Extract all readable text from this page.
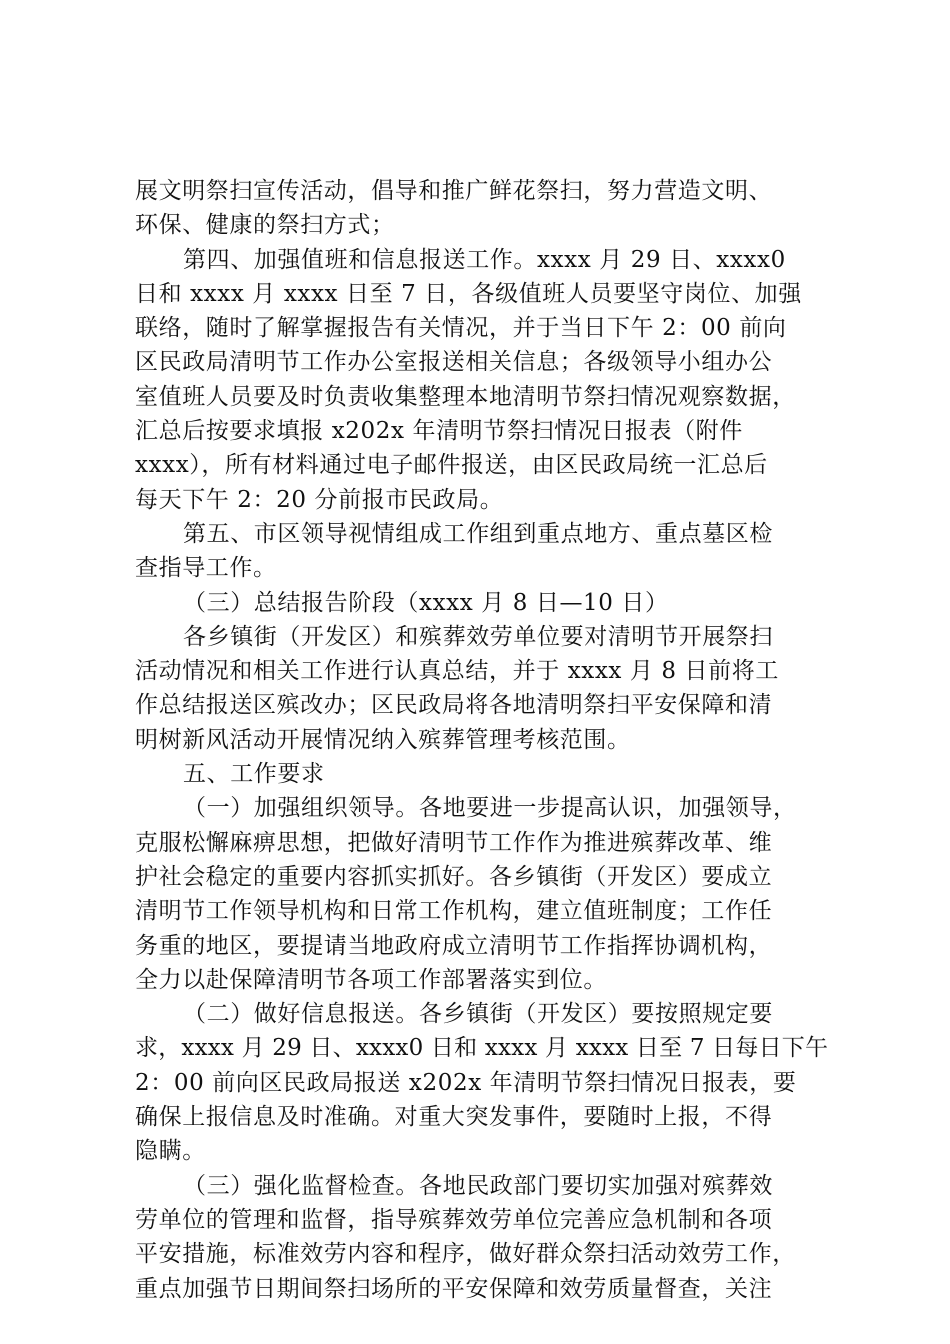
展文明祭扫宣传活动，倡导和推广鲜花祭扫，努力营造文明、
环保、健康的祭扫方式；
第四、加强值班和信息报送工作。xxxx 月 29 日、xxxx0
日和 xxxx 月 xxxx 日至 7 日，各级值班人员要坚守岗位、加强
联络，随时了解掌握报告有关情况，并于当日下午 2：00 前向
区民政局清明节工作办公室报送相关信息；各级领导小组办公
室值班人员要及时负责收集整理本地清明节祭扫情况观察数据，
汇总后按要求填报 x202x 年清明节祭扫情况日报表（附件
xxxx），所有材料通过电子邮件报送，由区民政局统一汇总后
每天下午 2：20 分前报市民政局。
第五、市区领导视情组成工作组到重点地方、重点墓区检
查指导工作。
（三）总结报告阶段（xxxx 月 8 日—10 日）
各乡镇街（开发区）和殡葬效劳单位要对清明节开展祭扫
活动情况和相关工作进行认真总结，并于 xxxx 月 8 日前将工
作总结报送区殡改办；区民政局将各地清明祭扫平安保障和清
明树新风活动开展情况纳入殡葬管理考核范围。
五、工作要求
（一）加强组织领导。各地要进一步提高认识，加强领导，
克服松懈麻痹思想，把做好清明节工作作为推进殡葬改革、维
护社会稳定的重要内容抓实抓好。各乡镇街（开发区）要成立
清明节工作领导机构和日常工作机构，建立值班制度；工作任
务重的地区，要提请当地政府成立清明节工作指挥协调机构，
全力以赴保障清明节各项工作部署落实到位。
（二）做好信息报送。各乡镇街（开发区）要按照规定要
求，xxxx 月 29 日、xxxx0 日和 xxxx 月 xxxx 日至 7 日每日下午
2：00 前向区民政局报送 x202x 年清明节祭扫情况日报表，要
确保上报信息及时准确。对重大突发事件，要随时上报，不得
隐瞒。
（三）强化监督检查。各地民政部门要切实加强对殡葬效
劳单位的管理和监督，指导殡葬效劳单位完善应急机制和各项
平安措施，标准效劳内容和程序，做好群众祭扫活动效劳工作，
重点加强节日期间祭扫场所的平安保障和效劳质量督查，关注
